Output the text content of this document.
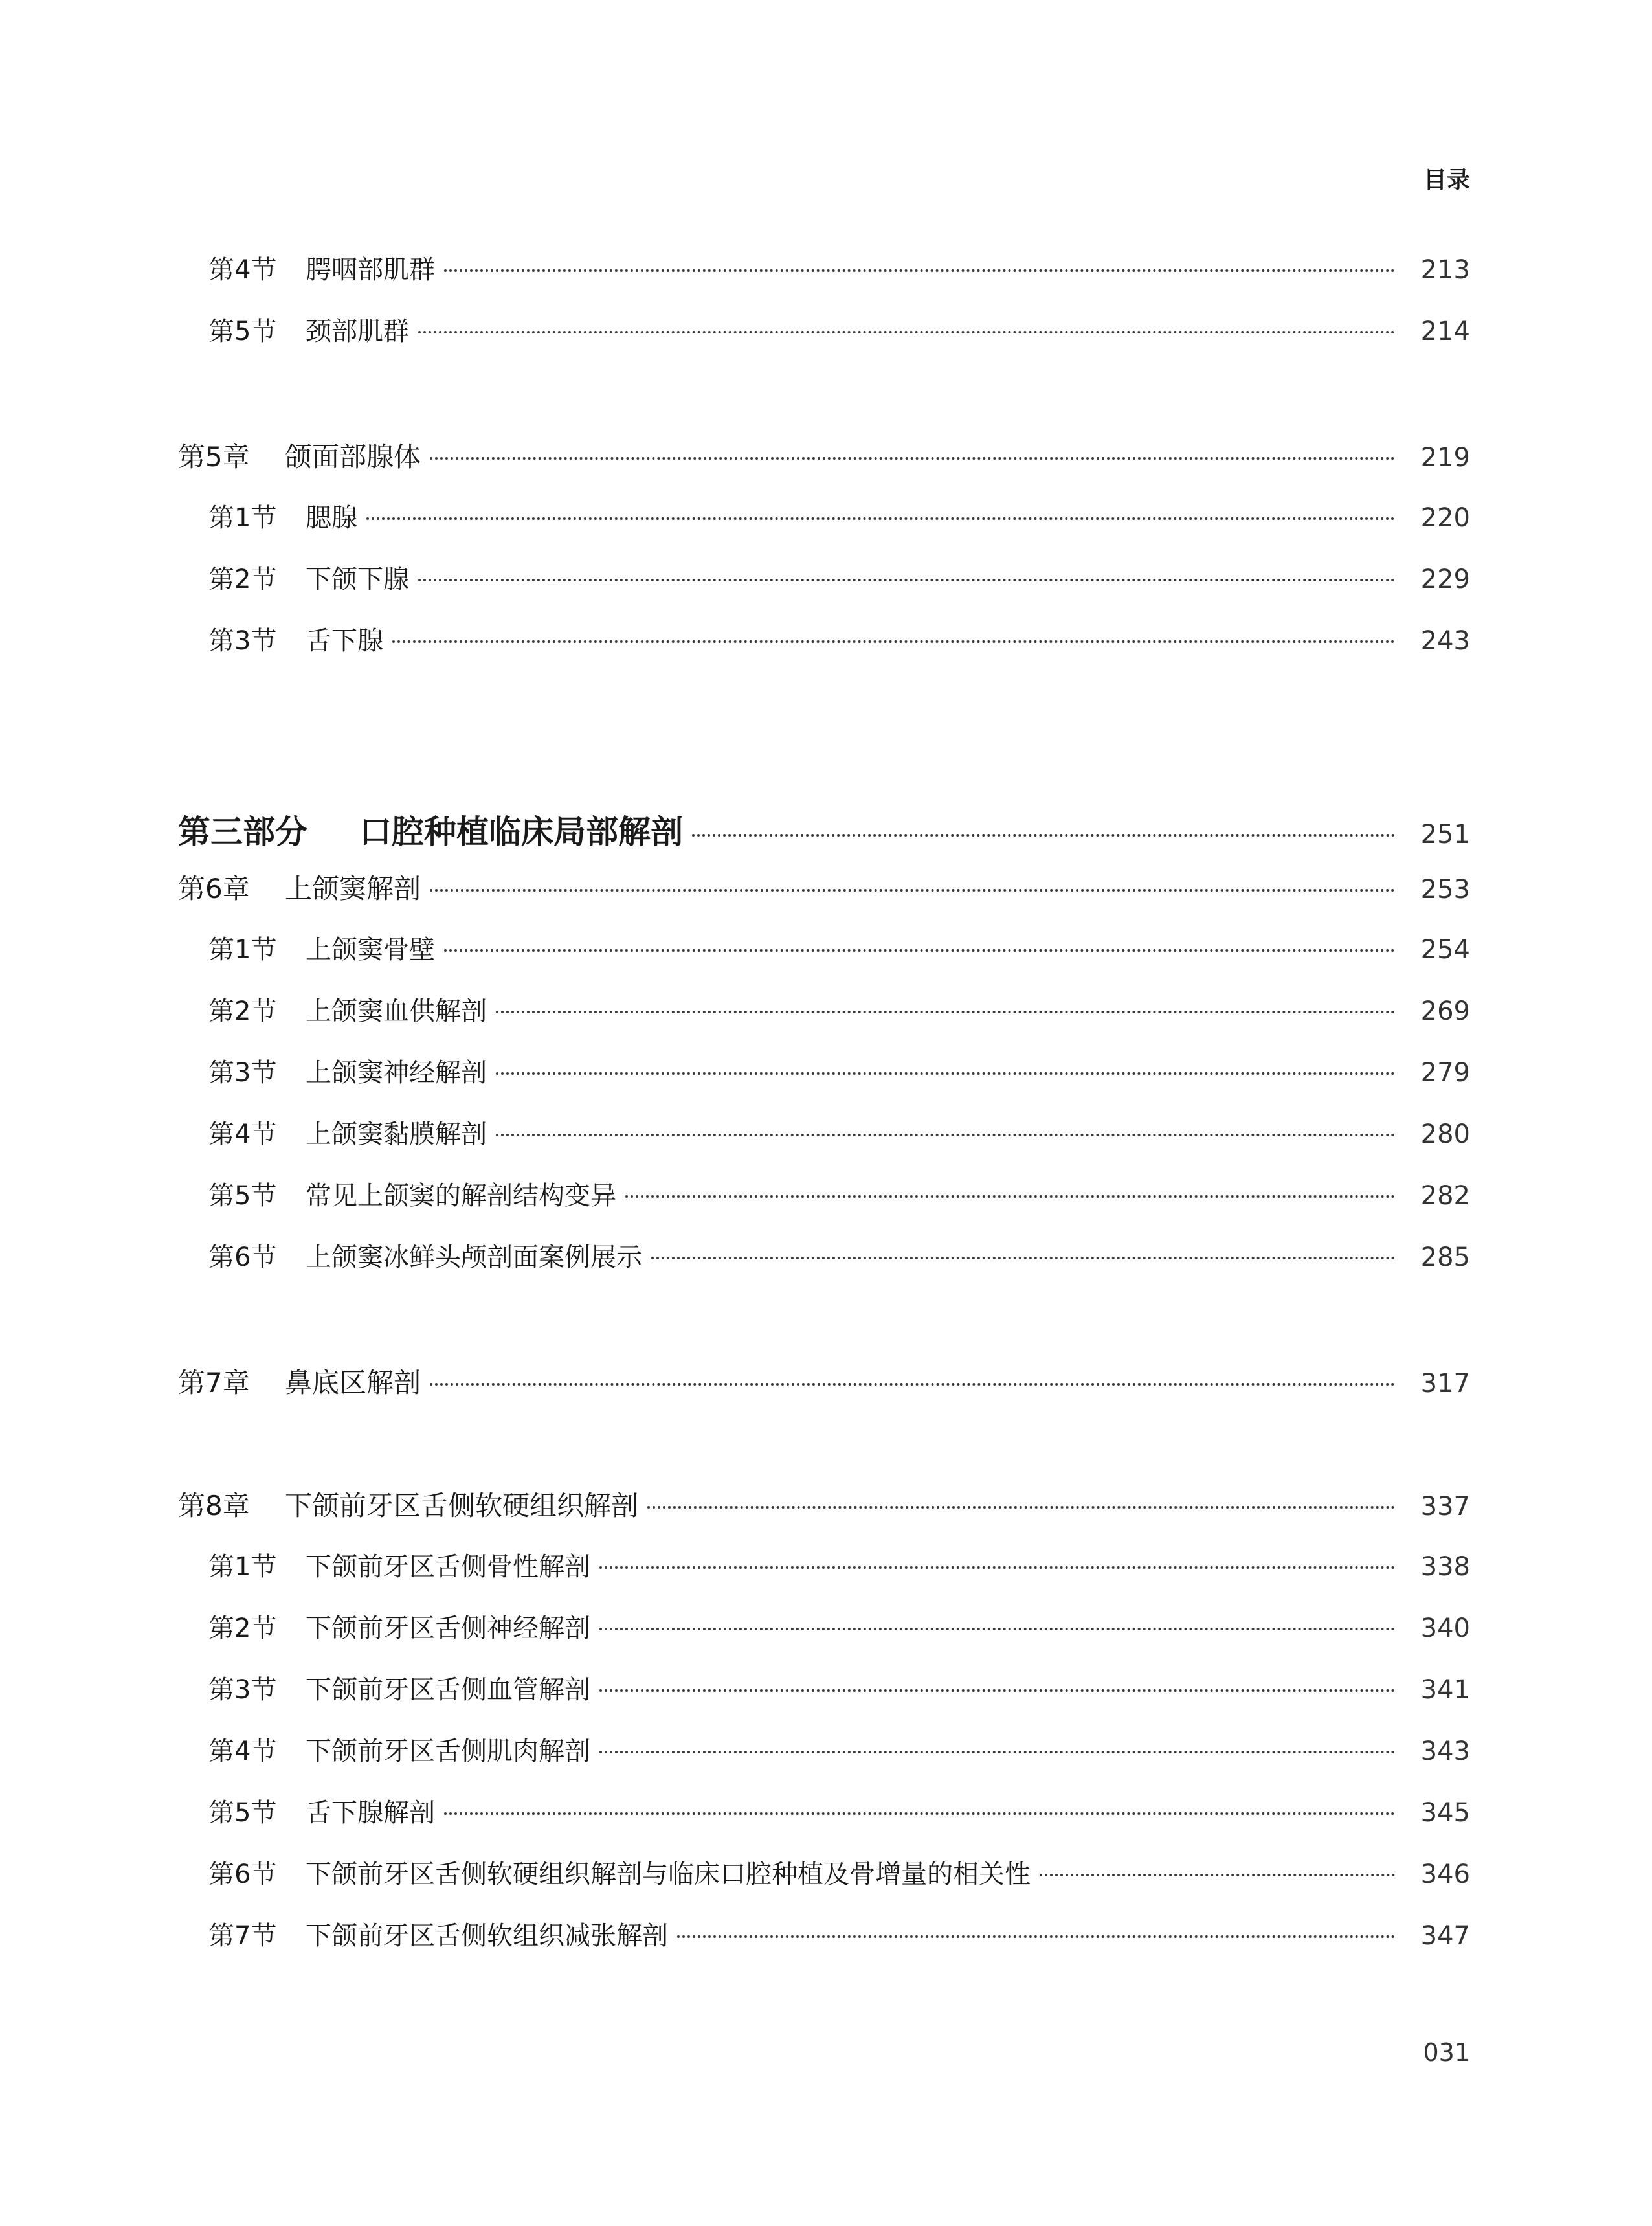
目录
第4节	腭咽部肌群	213
第5节	颈部肌群	214
第5章	颌面部腺体	219
第1节	腮腺	220
第2节	下颌下腺	229
第3节	舌下腺	243
第三部分	口腔种植临床局部解剖	251
第6章	上颌窦解剖	253
第1节	上颌窦骨壁	254
第2节	上颌窦血供解剖	269
第3节	上颌窦神经解剖	279
第4节	上颌窦黏膜解剖	280
第5节	常见上颌窦的解剖结构变异	282
第6节	上颌窦冰鲜头颅剖面案例展示	285
第7章	鼻底区解剖	317
第8章	下颌前牙区舌侧软硬组织解剖	337
第1节	下颌前牙区舌侧骨性解剖	338
第2节	下颌前牙区舌侧神经解剖	340
第3节	下颌前牙区舌侧血管解剖	341
第4节	下颌前牙区舌侧肌肉解剖	343
第5节	舌下腺解剖	345
第6节	下颌前牙区舌侧软硬组织解剖与临床口腔种植及骨增量的相关性	346
第7节	下颌前牙区舌侧软组织减张解剖	347
031
